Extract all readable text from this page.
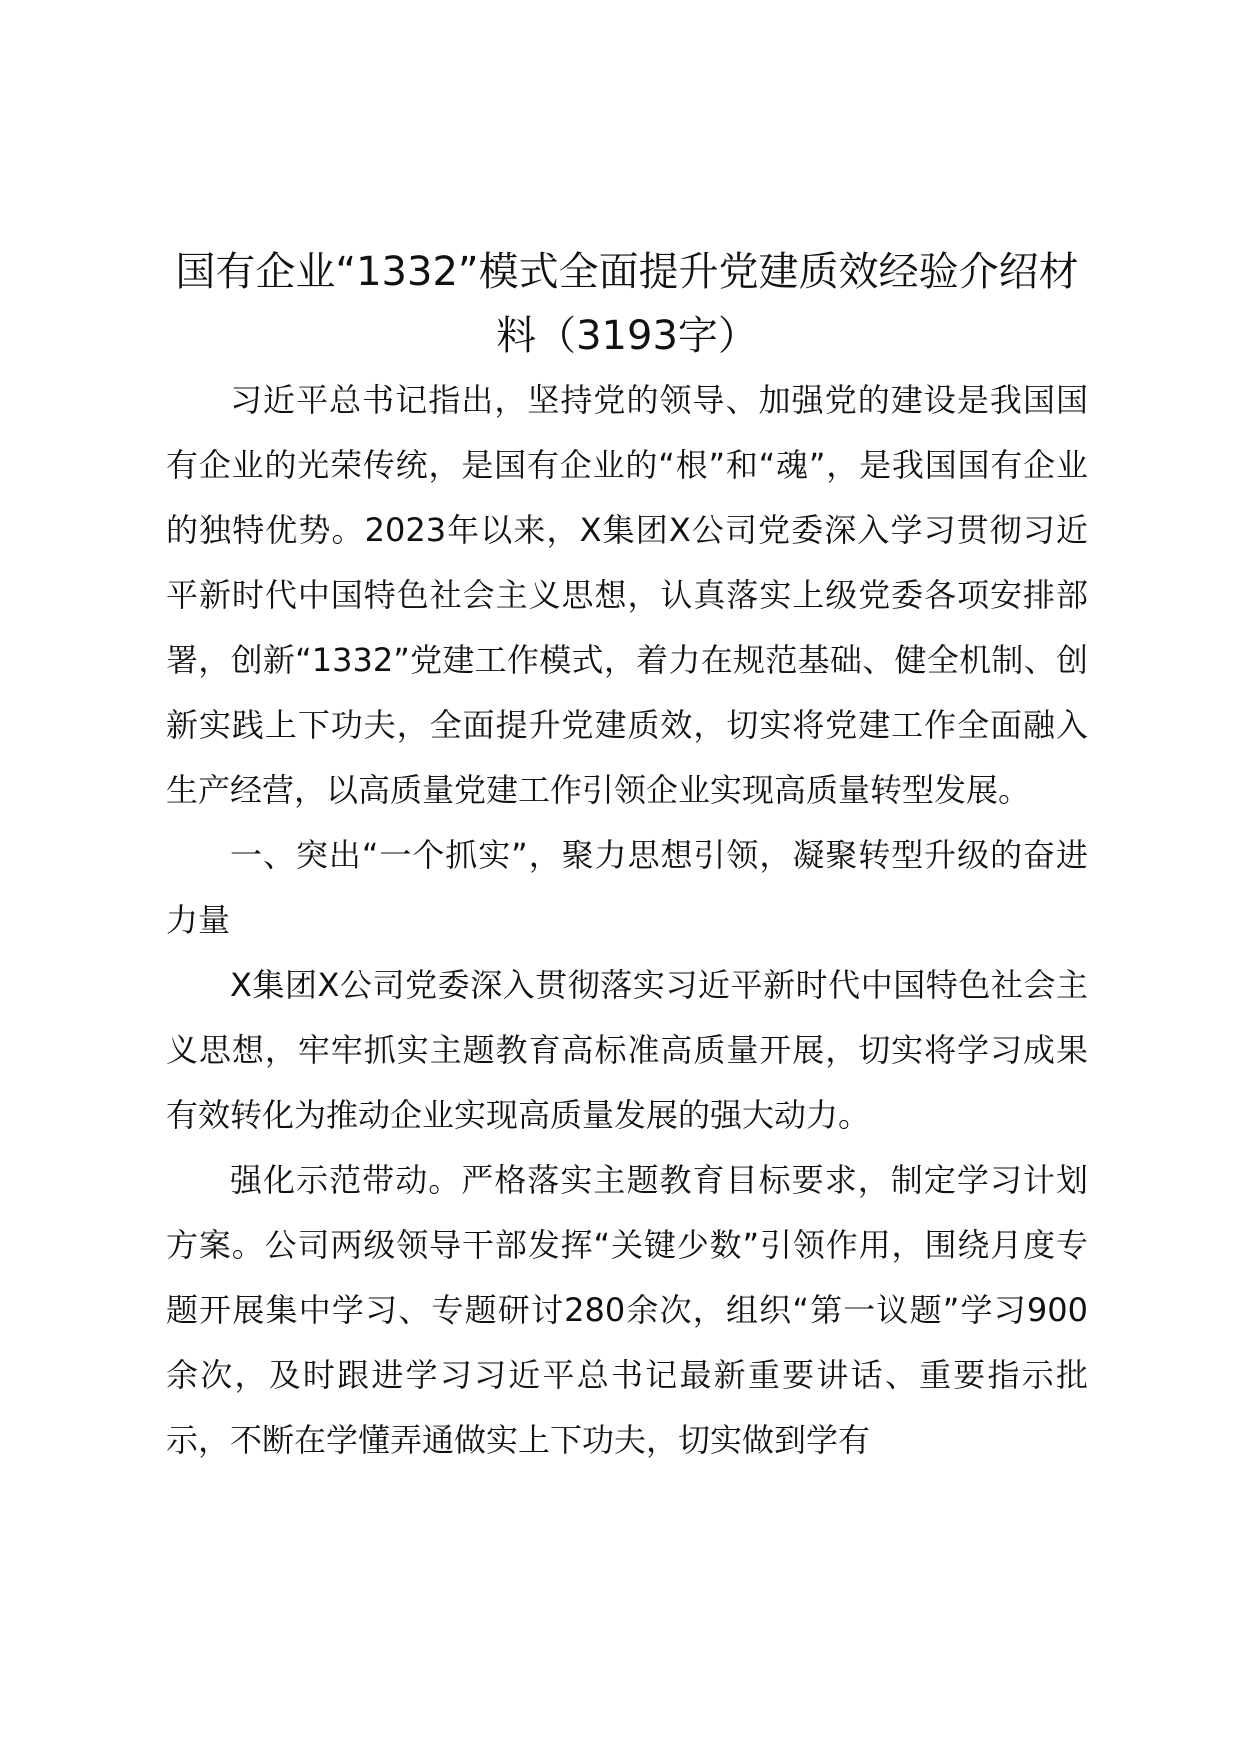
国有企业“1332”模式全面提升党建质效经验介绍材料（3193字）

习近平总书记指出，坚持党的领导、加强党的建设是我国国有企业的光荣传统，是国有企业的“根”和“魂”，是我国国有企业的独特优势。2023年以来，X集团X公司党委深入学习贯彻习近平新时代中国特色社会主义思想，认真落实上级党委各项安排部署，创新“1332”党建工作模式，着力在规范基础、健全机制、创新实践上下功夫，全面提升党建质效，切实将党建工作全面融入生产经营，以高质量党建工作引领企业实现高质量转型发展。

一、突出“一个抓实”，聚力思想引领，凝聚转型升级的奋进力量

X集团X公司党委深入贯彻落实习近平新时代中国特色社会主义思想，牢牢抓实主题教育高标准高质量开展，切实将学习成果有效转化为推动企业实现高质量发展的强大动力。

强化示范带动。严格落实主题教育目标要求，制定学习计划方案。公司两级领导干部发挥“关键少数”引领作用，围绕月度专题开展集中学习、专题研讨280余次，组织“第一议题”学习900余次，及时跟进学习习近平总书记最新重要讲话、重要指示批示，不断在学懂弄通做实上下功夫，切实做到学有
